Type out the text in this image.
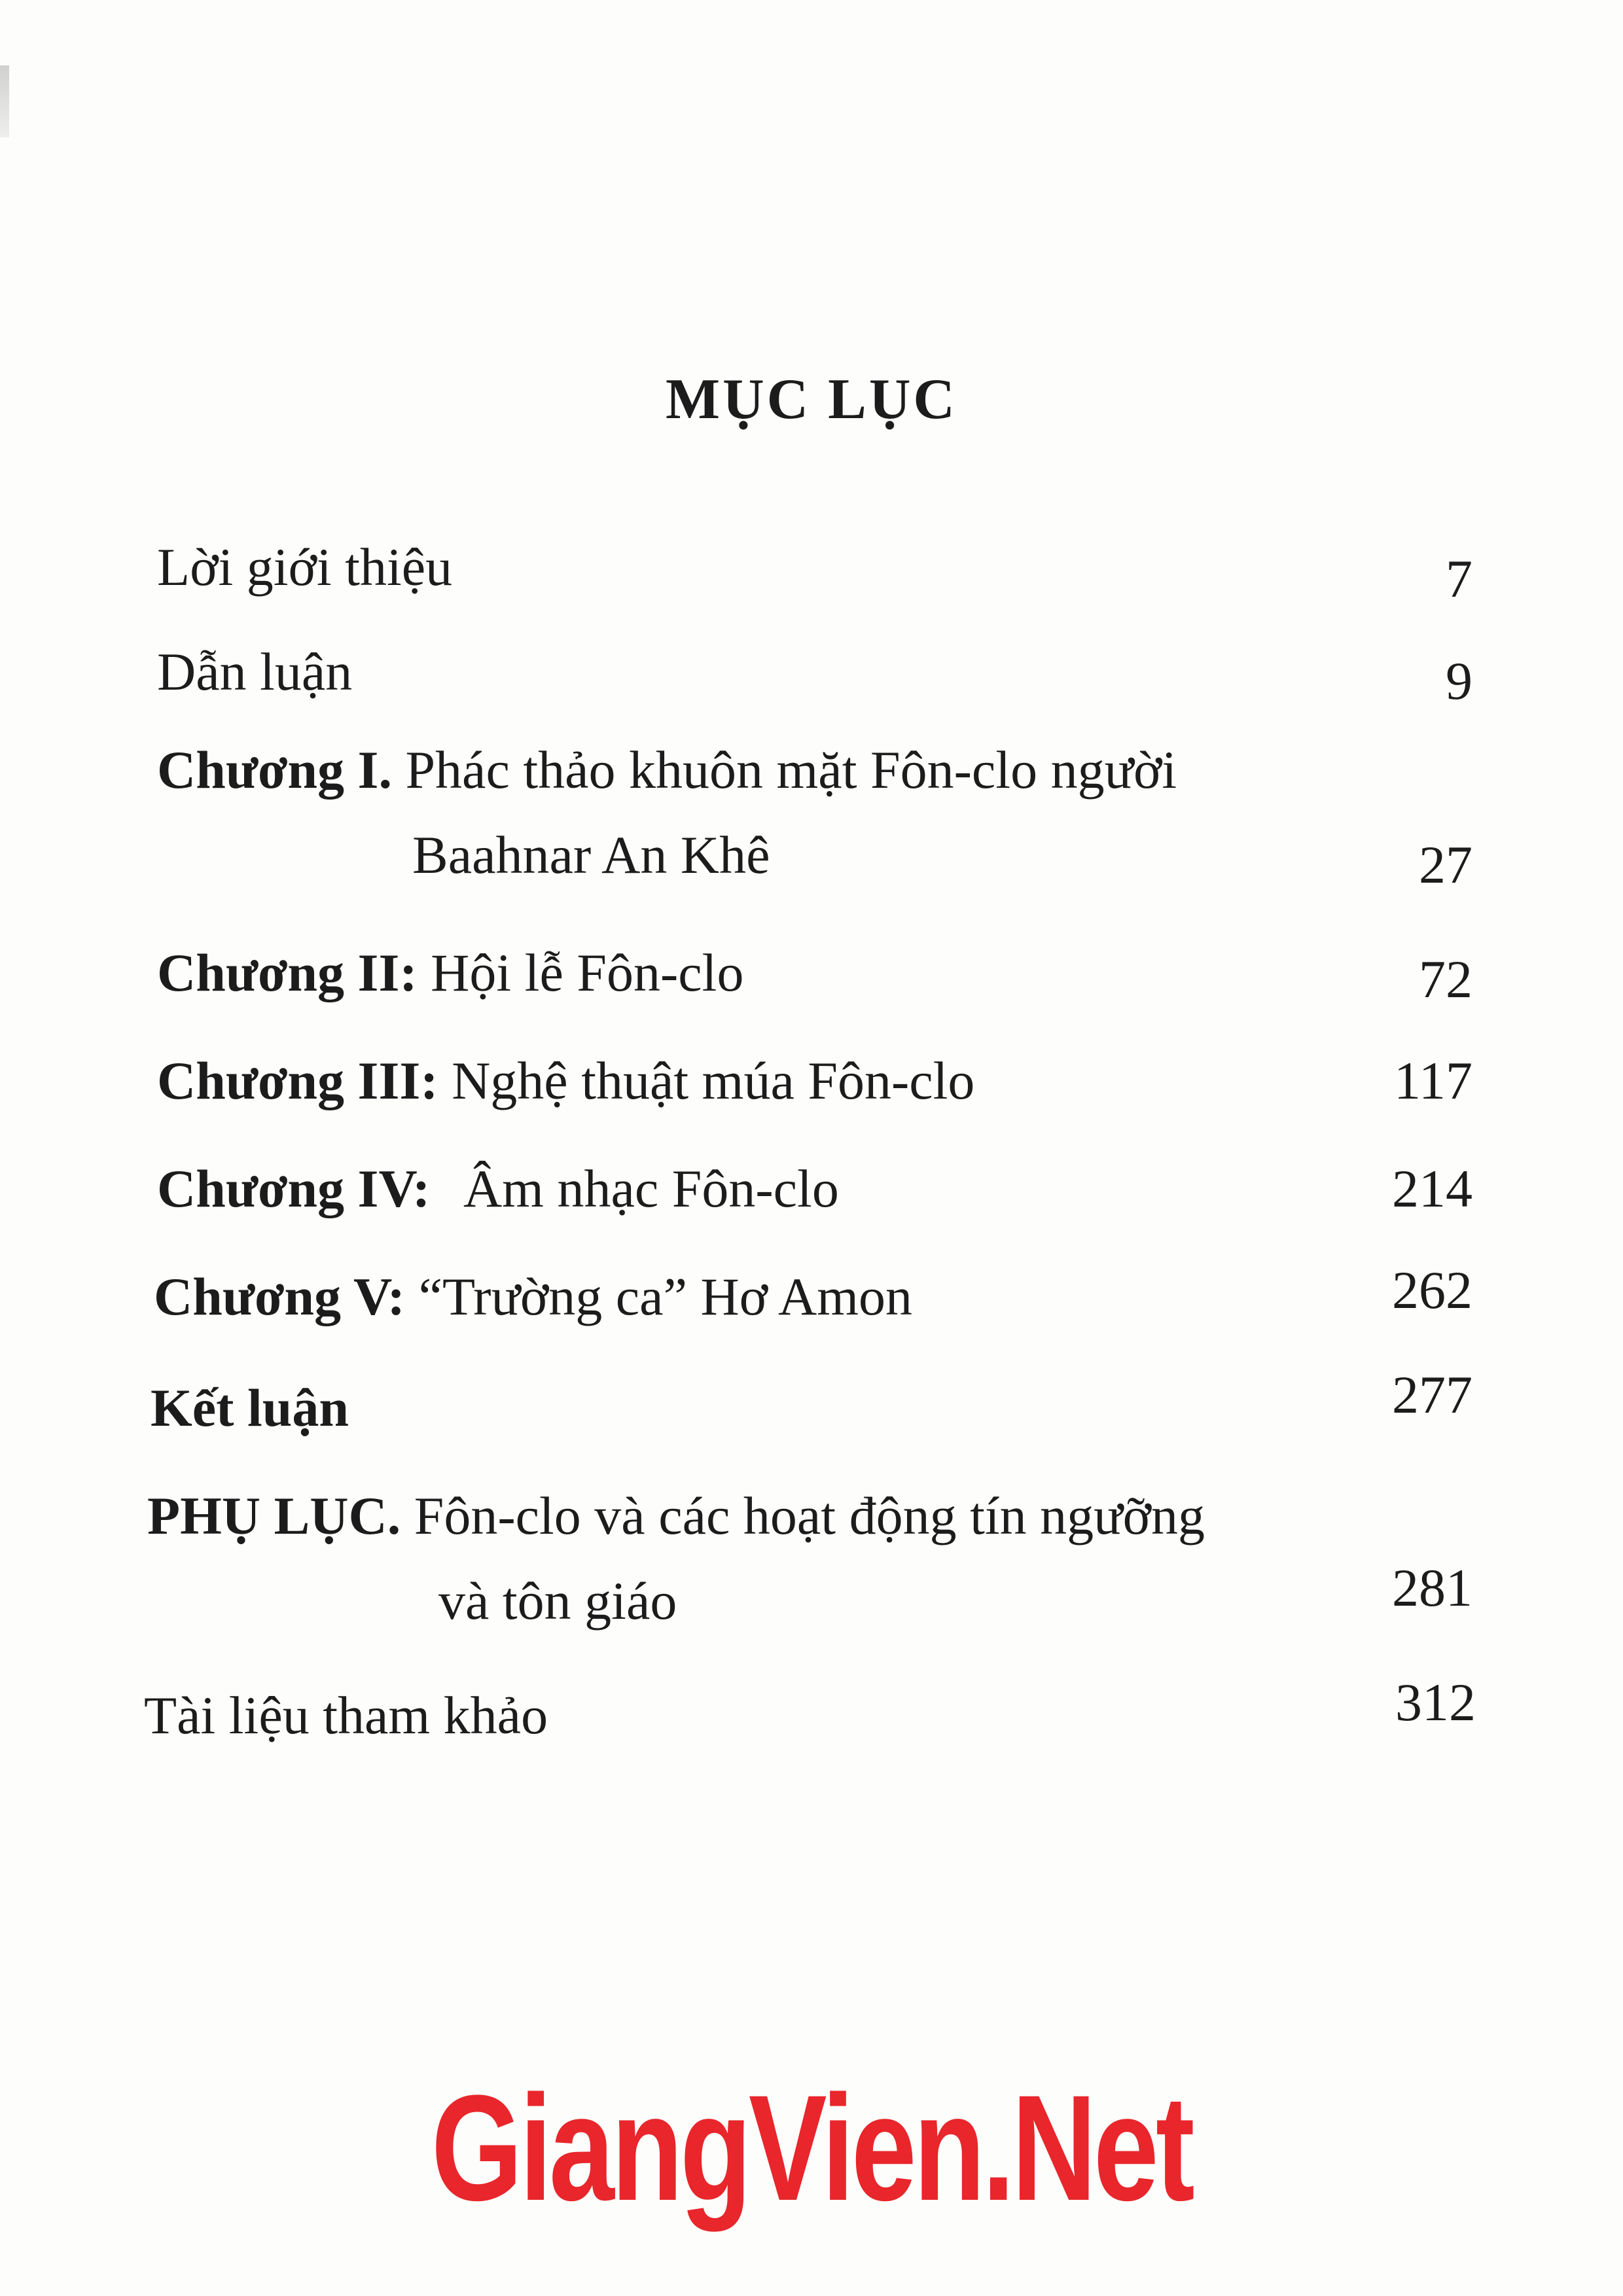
MỤC LỤC
Lời giới thiệu	7
Dẫn luận	9
Chương I. Phác thảo khuôn mặt Fôn-clo người
Baahnar An Khê	27
Chương II: Hội lễ Fôn-clo	72
Chương III: Nghệ thuật múa Fôn-clo	117
Chương IV: Âm nhạc Fôn-clo	214
Chương V: “Trường ca” Hơ Amon	262
Kết luận	277
PHỤ LỤC. Fôn-clo và các hoạt động tín ngưỡng
và tôn giáo	281
Tài liệu tham khảo	312
GiangVien.Net
